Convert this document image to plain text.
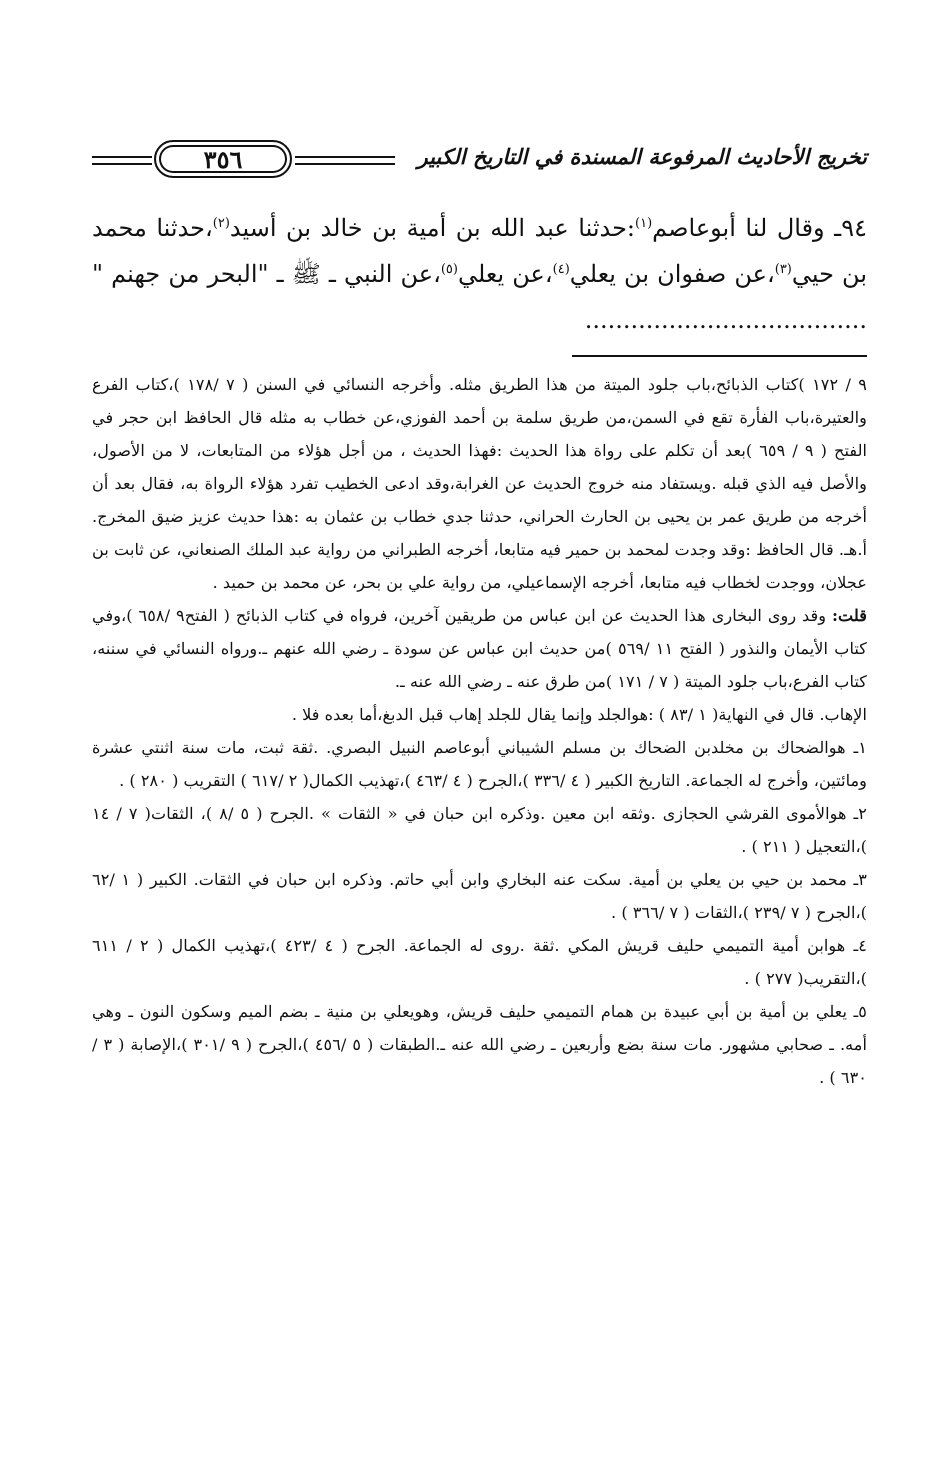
تخريج الأحاديث المرفوعة المسندة في التاريخ الكبير
٣٥٦
٩٤ـ وقال لنا أبوعاصم$^{(١)}$:حدثنا عبد الله بن أمية بن خالد بن أسيد$^{(٢)}$،حدثنا محمد بن حيي$^{(٣)}$،عن صفوان بن يعلي$^{(٤)}$،عن يعلي$^{(٥)}$،عن النبي ـ ﷺ ـ "البحر من جهنم " .....................................

٩ / ١٧٢ )كتاب الذبائح،باب جلود الميتة من هذا الطريق مثله. وأخرجه النسائي في السنن ( ٧ /١٧٨ )،كتاب الفرع والعتيرة،باب الفأرة تقع في السمن،من طريق سلمة بن أحمد الفوزي،عن خطاب به مثله قال الحافظ ابن حجر في الفتح ( ٩ / ٦٥٩ )بعد أن تكلم على رواة هذا الحديث :فهذا الحديث ، من أجل هؤلاء من المتابعات، لا من الأصول، والأصل فيه الذي قبله .ويستفاد منه خروج الحديث عن الغرابة،وقد ادعى الخطيب تفرد هؤلاء الرواة به، فقال بعد أن أخرجه من طريق عمر بن يحيى بن الحارث الحراني، حدثنا جدي خطاب بن عثمان به :هذا حديث عزيز ضيق المخرج. أ.هـ. قال الحافظ :وقد وجدت لمحمد بن حمير فيه متابعا، أخرجه الطبراني من رواية عبد الملك الصنعاني، عن ثابت بن عجلان، ووجدت لخطاب فيه متابعا، أخرجه الإسماعيلي، من رواية علي بن بحر، عن محمد بن حميد .

قلت: وقد روى البخارى هذا الحديث عن ابن عباس من طريقين آخرين، فرواه في كتاب الذبائح ( الفتح٩ /٦٥٨ )،وفي كتاب الأيمان والنذور ( الفتح ١١ /٥٦٩ )من حديث ابن عباس عن سودة ـ رضي الله عنهم ـ.ورواه النسائي في سننه، كتاب الفرع،باب جلود الميتة ( ٧ / ١٧١ )من طرق عنه ـ رضي الله عنه ـ.

الإهاب. قال في النهاية( ١ /٨٣ ) :هوالجلد وإنما يقال للجلد إهاب قبل الدبغ،أما بعده فلا .

١ـ هوالضحاك بن مخلدبن الضحاك بن مسلم الشيباني أبوعاصم النبيل البصري. .ثقة ثبت، مات سنة اثنتي عشرة ومائتين، وأخرج له الجماعة. التاريخ الكبير ( ٤ /٣٣٦ )،الجرح ( ٤ /٤٦٣ )،تهذيب الكمال( ٢ /٦١٧ ) التقريب ( ٢٨٠ ) .

٢ـ هوالأموى القرشي الحجازى .وثقه ابن معين .وذكره ابن حبان في « الثقات » .الجرح ( ٥ /٨ )، الثقات( ٧ / ١٤ )،التعجيل ( ٢١١ ) .

٣ـ محمد بن حيي بن يعلي بن أمية. سكت عنه البخاري وابن أبي حاتم. وذكره ابن حبان في الثقات. الكبير ( ١ /٦٢ )،الجرح ( ٧ /٢٣٩ )،الثقات ( ٧ /٣٦٦ ) .

٤ـ هوابن أمية التميمي حليف قريش المكي .ثقة .روى له الجماعة. الجرح ( ٤ /٤٢٣ )،تهذيب الكمال ( ٢ / ٦١١ )،التقريب( ٢٧٧ ) .

٥ـ يعلي بن أمية بن أبي عبيدة بن همام التميمي حليف قريش، وهويعلي بن منية ـ بضم الميم وسكون النون ـ وهي أمه. ـ صحابي مشهور. مات سنة بضع وأربعين ـ رضي الله عنه ـ.الطبقات ( ٥ /٤٥٦ )،الجرح ( ٩ /٣٠١ )،الإصابة ( ٣ /٦٣٠ ) .
